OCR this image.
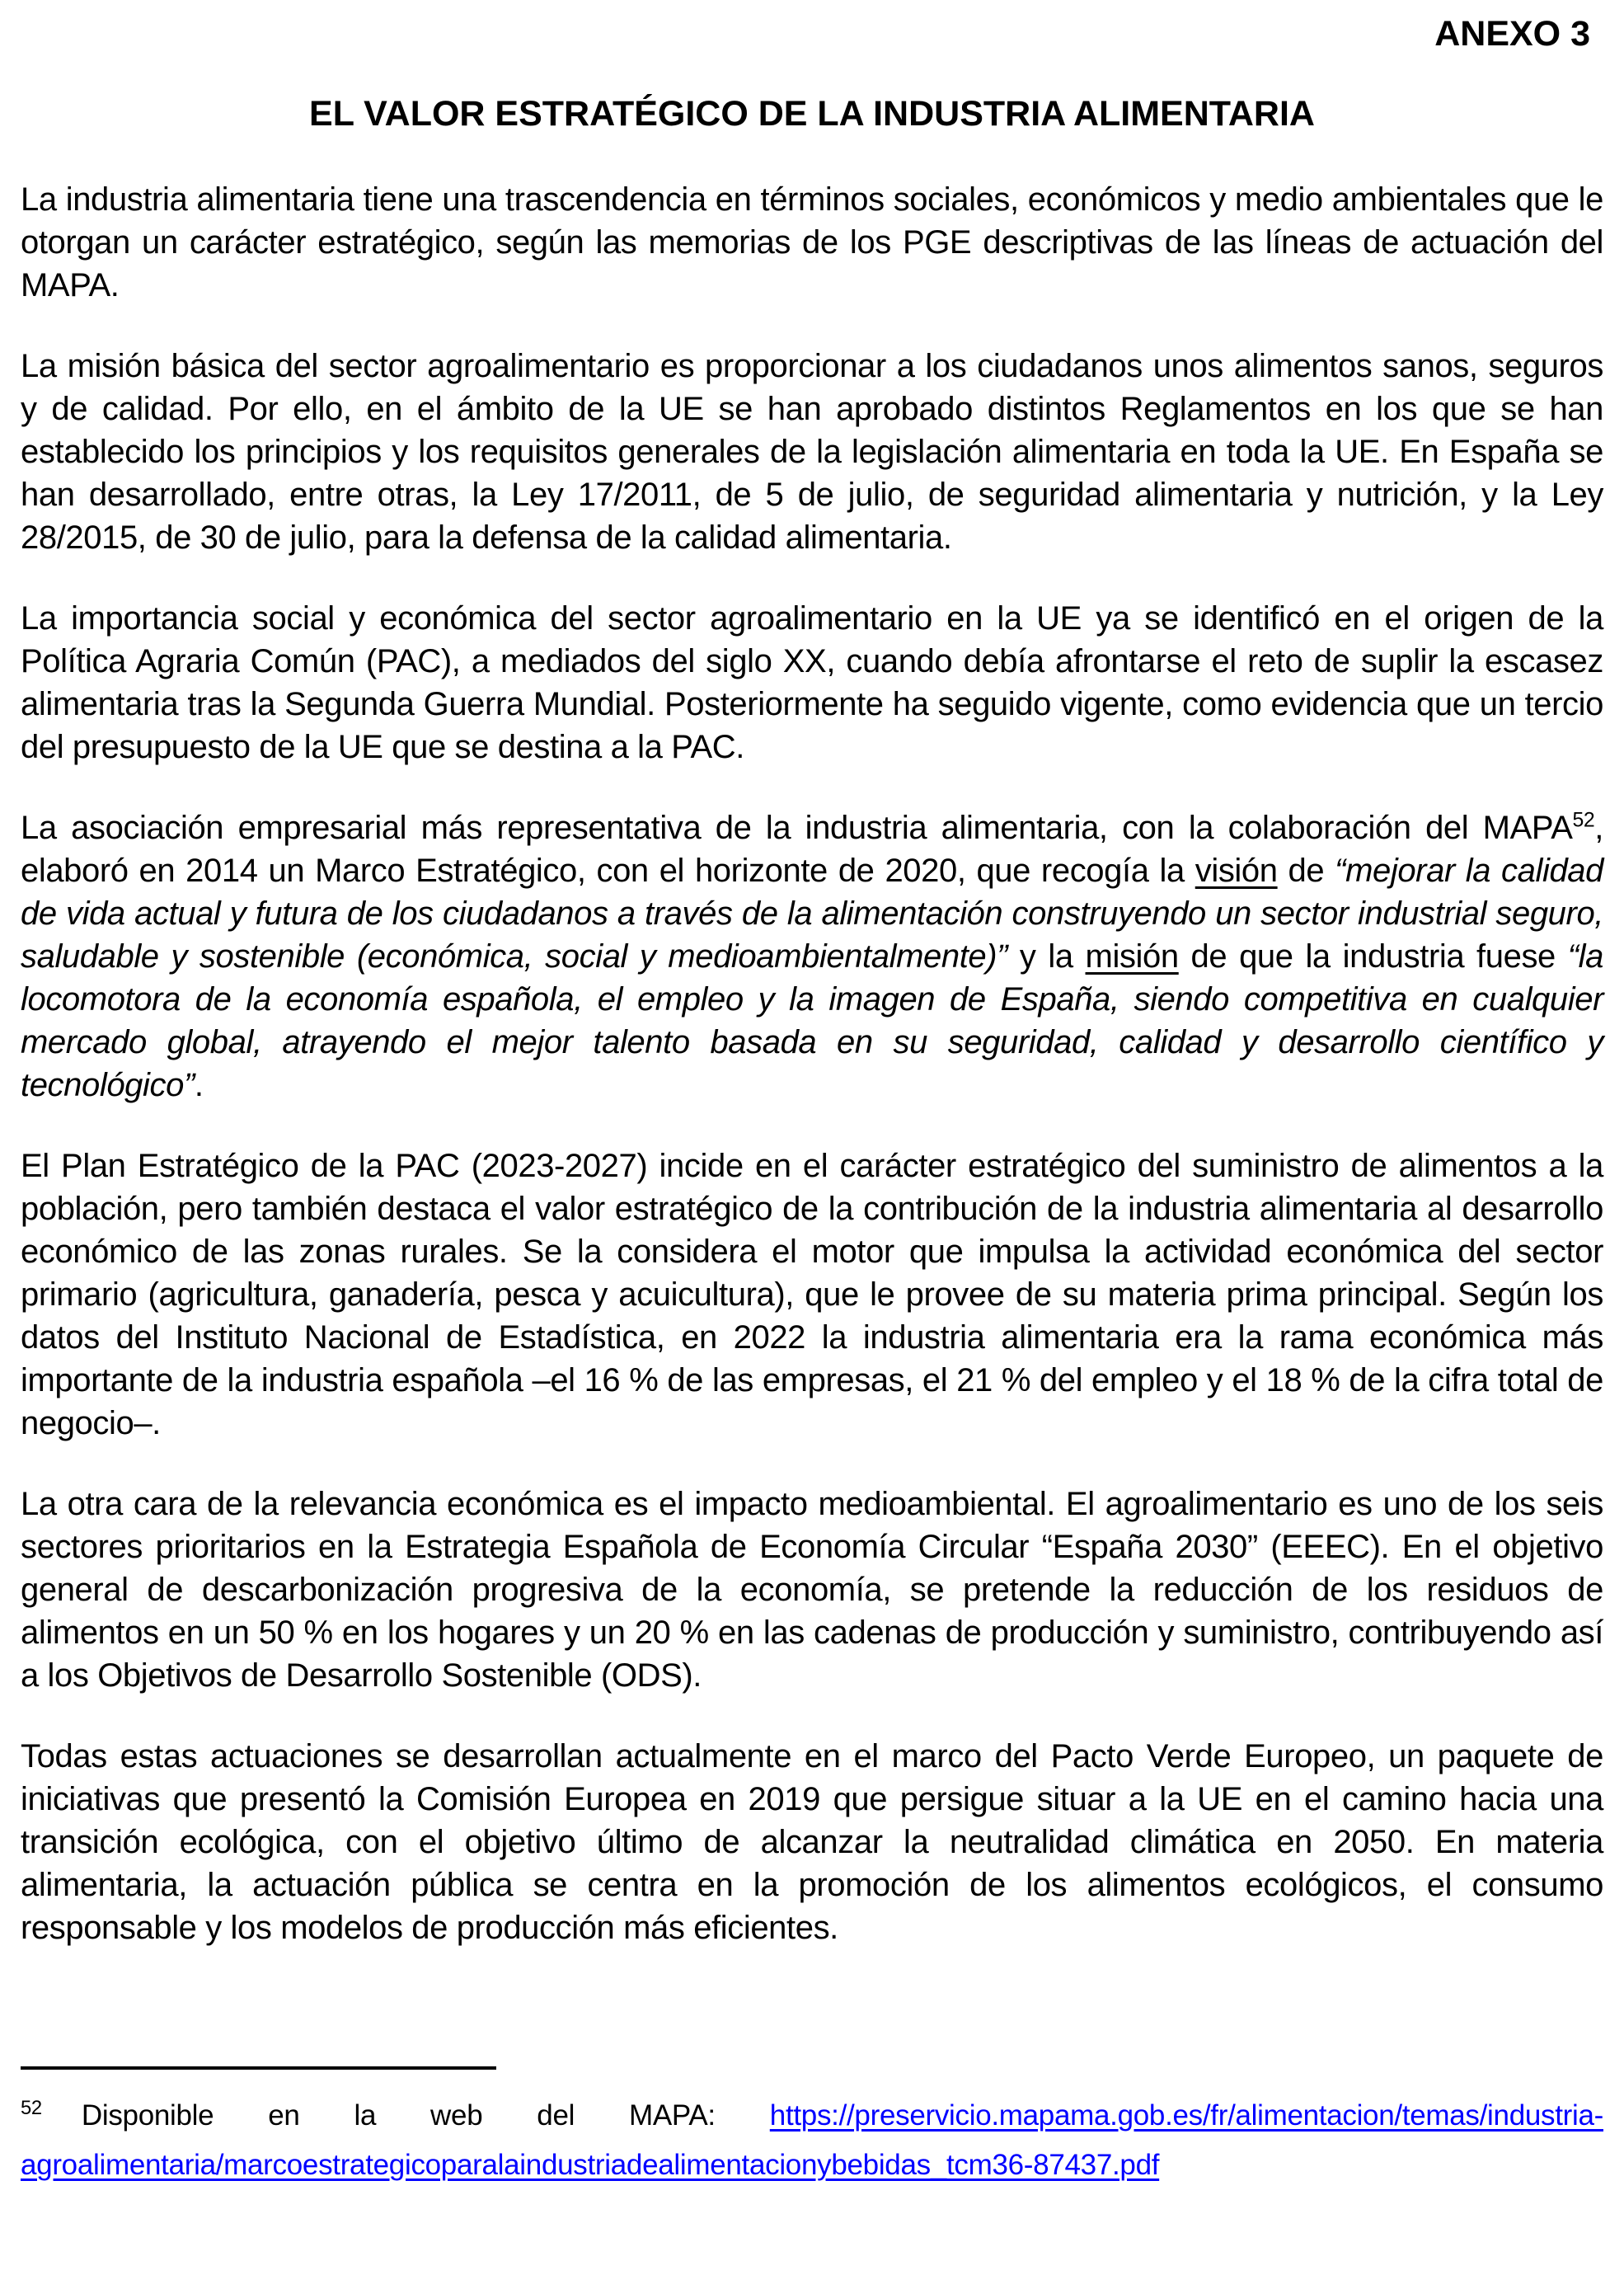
ANEXO 3
EL VALOR ESTRATÉGICO DE LA INDUSTRIA ALIMENTARIA

La industria alimentaria tiene una trascendencia en términos sociales, económicos y medio ambientales que le otorgan un carácter estratégico, según las memorias de los PGE descriptivas de las líneas de actuación del MAPA.

La misión básica del sector agroalimentario es proporcionar a los ciudadanos unos alimentos sanos, seguros y de calidad. Por ello, en el ámbito de la UE se han aprobado distintos Reglamentos en los que se han establecido los principios y los requisitos generales de la legislación alimentaria en toda la UE. En España se han desarrollado, entre otras, la Ley 17/2011, de 5 de julio, de seguridad alimentaria y nutrición, y la Ley 28/2015, de 30 de julio, para la defensa de la calidad alimentaria.

La importancia social y económica del sector agroalimentario en la UE ya se identificó en el origen de la Política Agraria Común (PAC), a mediados del siglo XX, cuando debía afrontarse el reto de suplir la escasez alimentaria tras la Segunda Guerra Mundial. Posteriormente ha seguido vigente, como evidencia que un tercio del presupuesto de la UE que se destina a la PAC.

La asociación empresarial más representativa de la industria alimentaria, con la colaboración del MAPA$^{52}$, elaboró en 2014 un Marco Estratégico, con el horizonte de 2020, que recogía la visión de “mejorar la calidad de vida actual y futura de los ciudadanos a través de la alimentación construyendo un sector industrial seguro, saludable y sostenible (económica, social y medioambientalmente)” y la misión de que la industria fuese “la locomotora de la economía española, el empleo y la imagen de España, siendo competitiva en cualquier mercado global, atrayendo el mejor talento basada en su seguridad, calidad y desarrollo científico y tecnológico”.

El Plan Estratégico de la PAC (2023-2027) incide en el carácter estratégico del suministro de alimentos a la población, pero también destaca el valor estratégico de la contribución de la industria alimentaria al desarrollo económico de las zonas rurales. Se la considera el motor que impulsa la actividad económica del sector primario (agricultura, ganadería, pesca y acuicultura), que le provee de su materia prima principal. Según los datos del Instituto Nacional de Estadística, en 2022 la industria alimentaria era la rama económica más importante de la industria española –el 16 % de las empresas, el 21 % del empleo y el 18 % de la cifra total de negocio–.

La otra cara de la relevancia económica es el impacto medioambiental. El agroalimentario es uno de los seis sectores prioritarios en la Estrategia Española de Economía Circular “España 2030” (EEEC). En el objetivo general de descarbonización progresiva de la economía, se pretende la reducción de los residuos de alimentos en un 50 % en los hogares y un 20 % en las cadenas de producción y suministro, contribuyendo así a los Objetivos de Desarrollo Sostenible (ODS).

Todas estas actuaciones se desarrollan actualmente en el marco del Pacto Verde Europeo, un paquete de iniciativas que presentó la Comisión Europea en 2019 que persigue situar a la UE en el camino hacia una transición ecológica, con el objetivo último de alcanzar la neutralidad climática en 2050. En materia alimentaria, la actuación pública se centra en la promoción de los alimentos ecológicos, el consumo responsable y los modelos de producción más eficientes.

$^{52}$ Disponible en la web del MAPA: https://preservicio.mapama.gob.es/fr/alimentacion/temas/industria-agroalimentaria/marcoestrategicoparalaindustriadealimentacionybebidas_tcm36-87437.pdf
